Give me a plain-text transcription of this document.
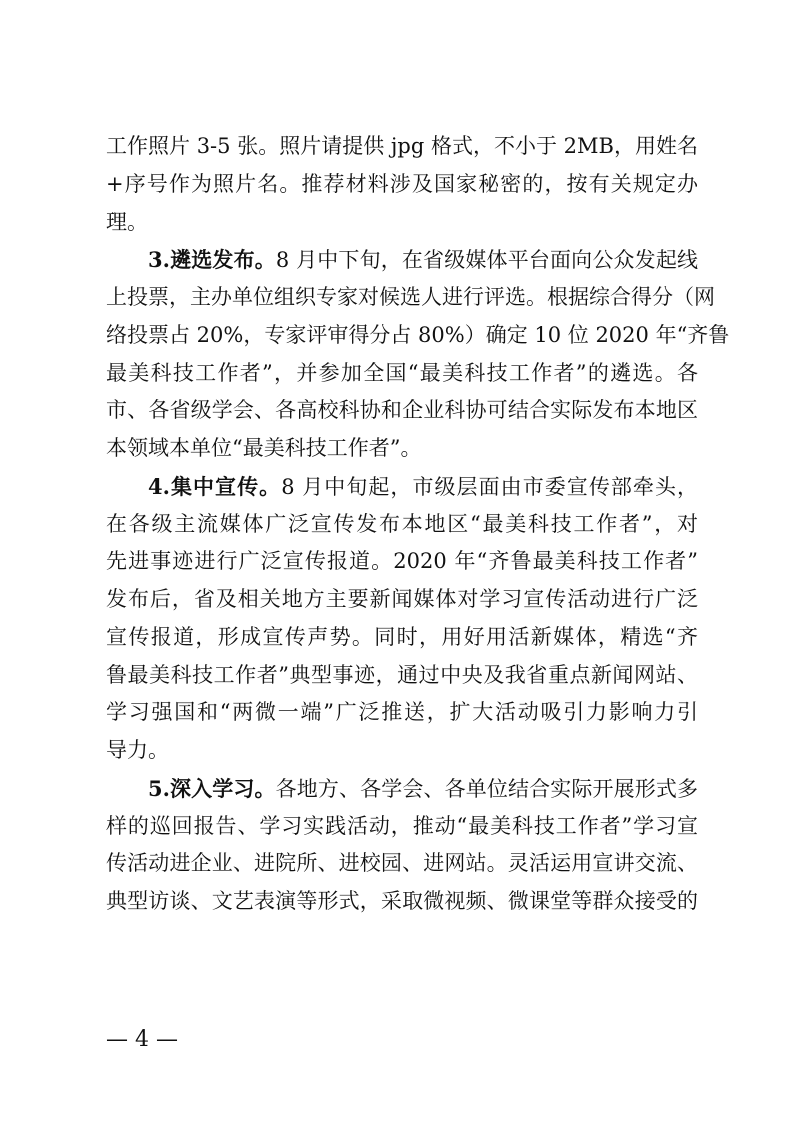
工作照片 3-5 张。照片请提供 jpg 格式，不小于 2MB，用姓名
+序号作为照片名。推荐材料涉及国家秘密的，按有关规定办
理。
3.遴选发布。8 月中下旬，在省级媒体平台面向公众发起线
上投票，主办单位组织专家对候选人进行评选。根据综合得分（网
络投票占 20%，专家评审得分占 80%）确定 10 位 2020 年“齐鲁
最美科技工作者”，并参加全国“最美科技工作者”的遴选。各
市、各省级学会、各高校科协和企业科协可结合实际发布本地区
本领域本单位“最美科技工作者”。
4.集中宣传。8 月中旬起，市级层面由市委宣传部牵头，
在各级主流媒体广泛宣传发布本地区“最美科技工作者”，对
先进事迹进行广泛宣传报道。2020 年“齐鲁最美科技工作者”
发布后，省及相关地方主要新闻媒体对学习宣传活动进行广泛
宣传报道，形成宣传声势。同时，用好用活新媒体，精选“齐
鲁最美科技工作者”典型事迹，通过中央及我省重点新闻网站、
学习强国和“两微一端”广泛推送，扩大活动吸引力影响力引
导力。
5.深入学习。各地方、各学会、各单位结合实际开展形式多
样的巡回报告、学习实践活动，推动“最美科技工作者”学习宣
传活动进企业、进院所、进校园、进网站。灵活运用宣讲交流、
典型访谈、文艺表演等形式，采取微视频、微课堂等群众接受的
— 4 —
